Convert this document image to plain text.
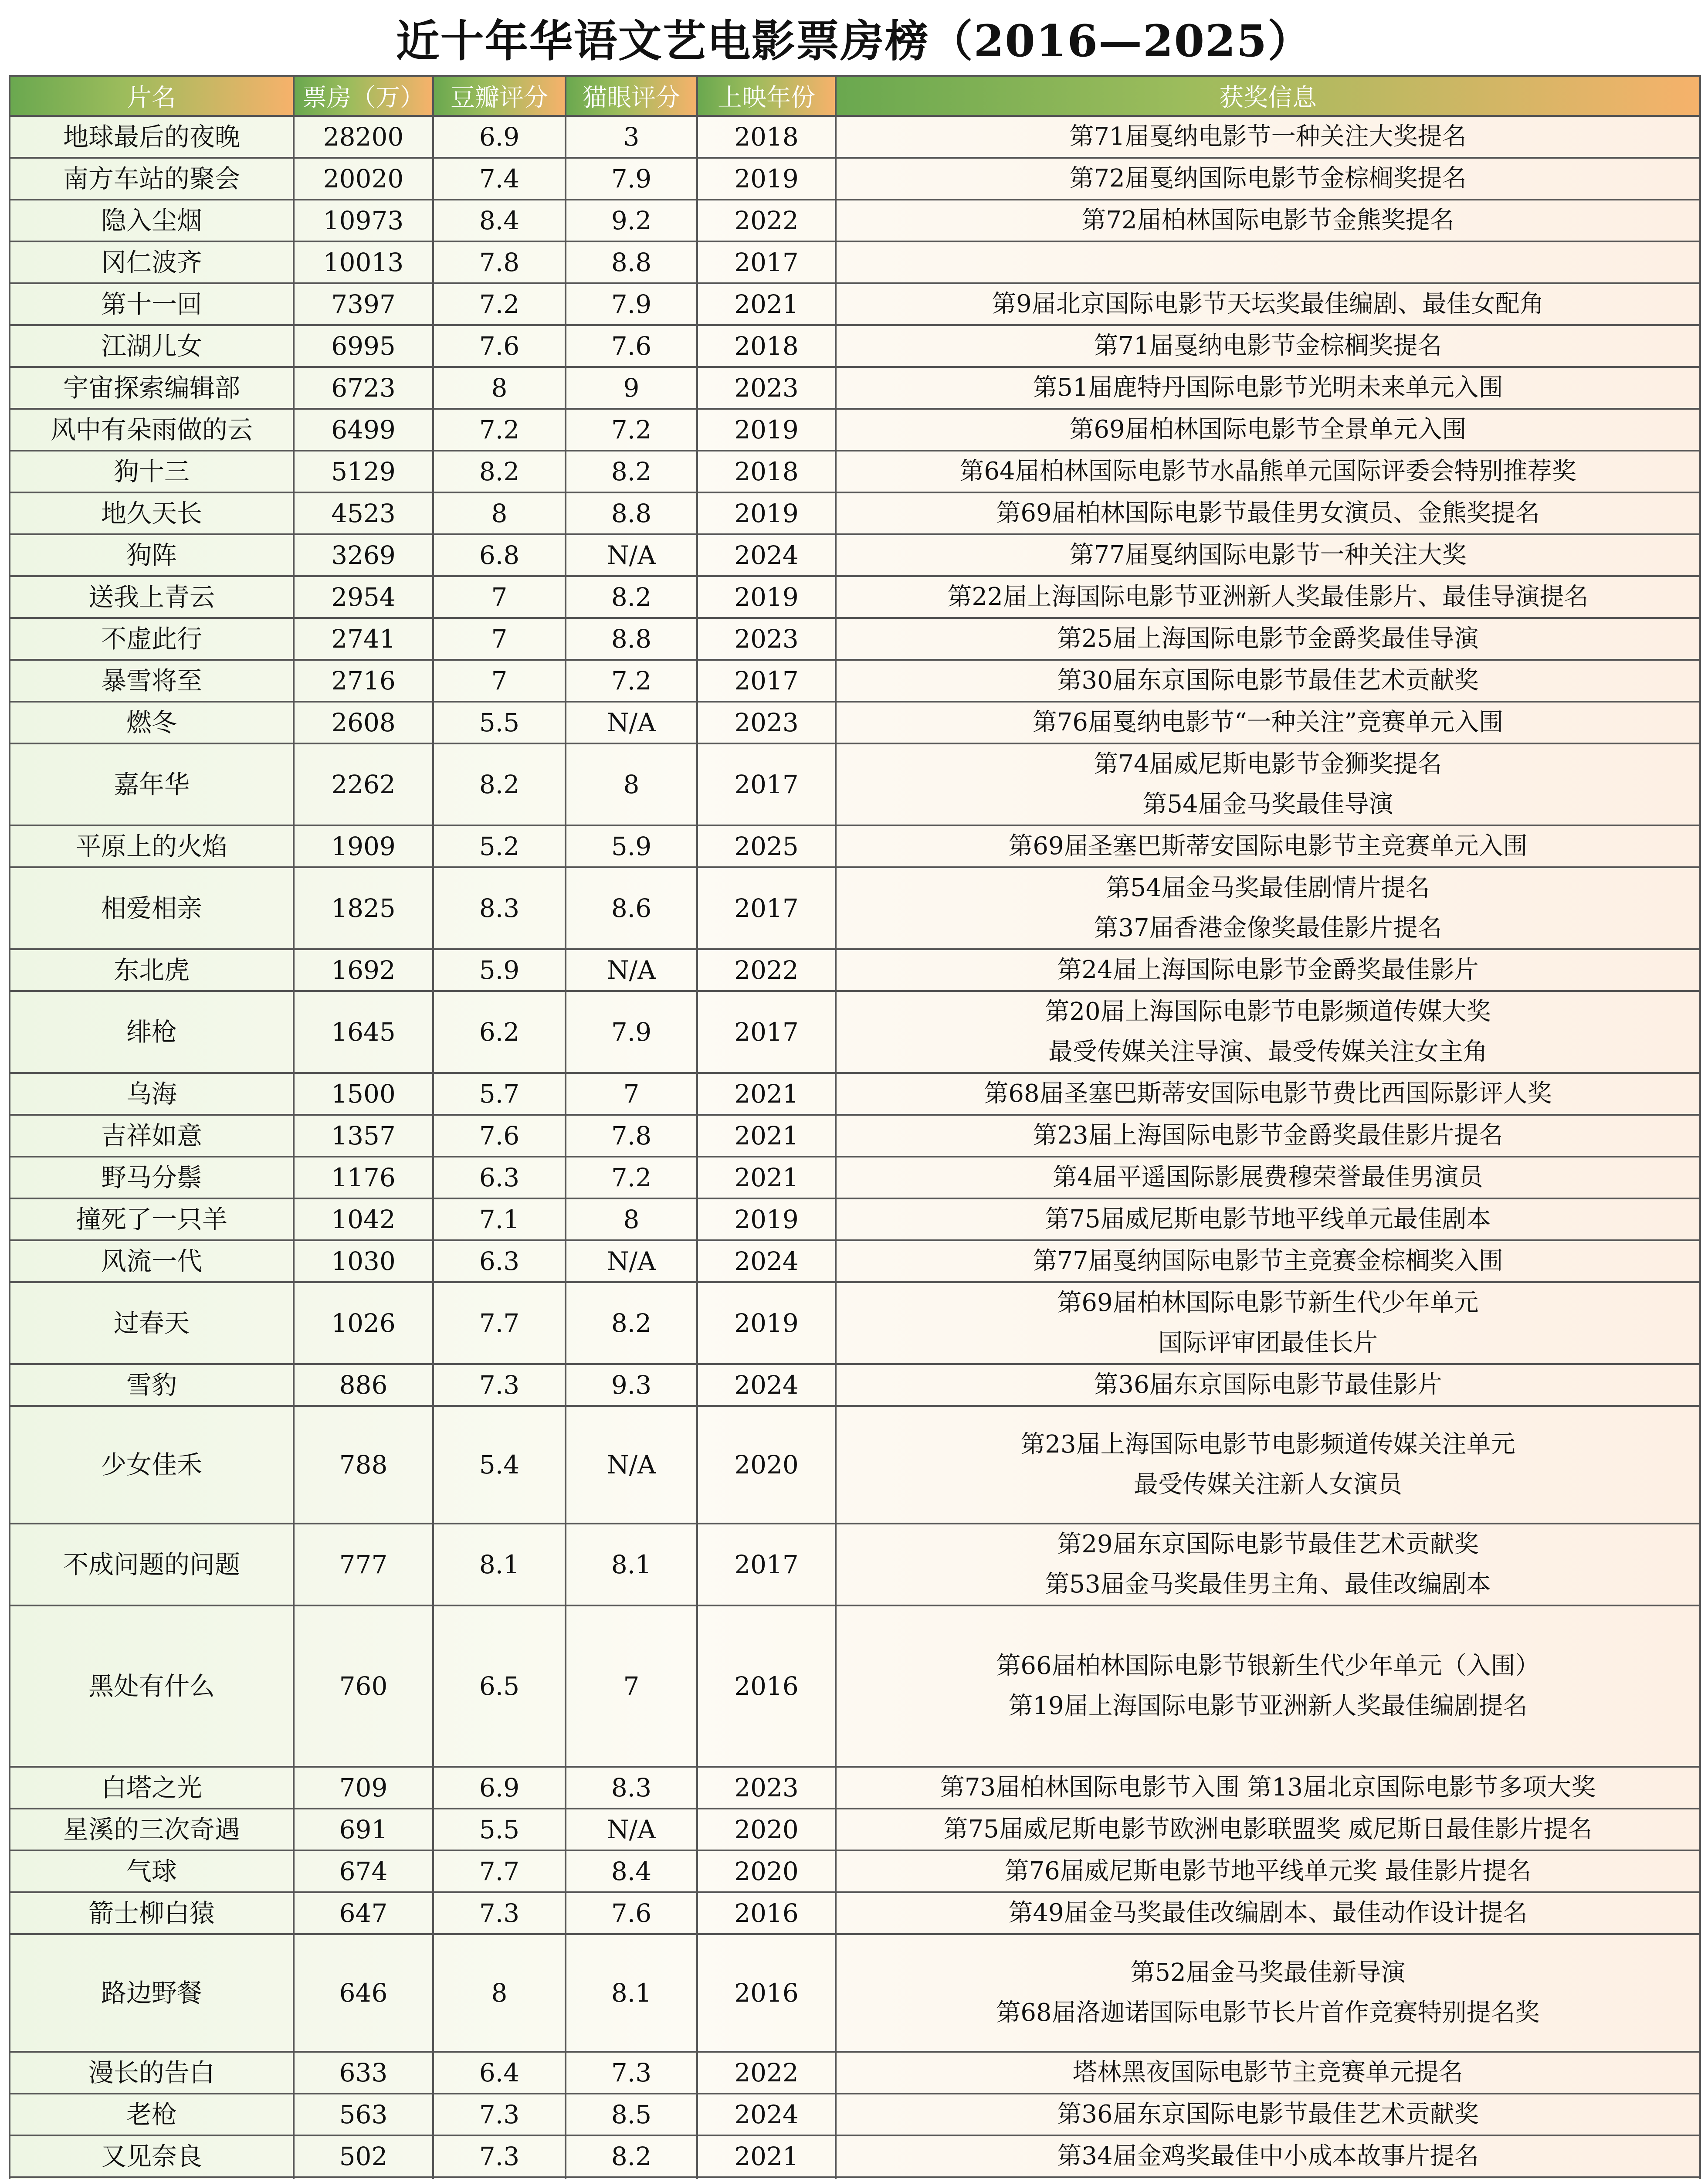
近十年华语文艺电影票房榜（2016—2025）
片名	票房（万）	豆瓣评分	猫眼评分	上映年份	获奖信息
地球最后的夜晚	28200	6.9	3	2018	第71届戛纳电影节一种关注大奖提名

南方车站的聚会	20020	7.4	7.9	2019	第72届戛纳国际电影节金棕榈奖提名

隐入尘烟	10973	8.4	9.2	2022	第72届柏林国际电影节金熊奖提名

冈仁波齐	10013	7.8	8.8	2017	
第十一回	7397	7.2	7.9	2021	第9届北京国际电影节天坛奖最佳编剧、最佳女配角

江湖儿女	6995	7.6	7.6	2018	第71届戛纳电影节金棕榈奖提名

宇宙探索编辑部	6723	8	9	2023	第51届鹿特丹国际电影节光明未来单元入围

风中有朵雨做的云	6499	7.2	7.2	2019	第69届柏林国际电影节全景单元入围

狗十三	5129	8.2	8.2	2018	第64届柏林国际电影节水晶熊单元国际评委会特别推荐奖

地久天长	4523	8	8.8	2019	第69届柏林国际电影节最佳男女演员、金熊奖提名

狗阵	3269	6.8	N/A	2024	第77届戛纳国际电影节一种关注大奖

送我上青云	2954	7	8.2	2019	第22届上海国际电影节亚洲新人奖最佳影片、最佳导演提名

不虚此行	2741	7	8.8	2023	第25届上海国际电影节金爵奖最佳导演

暴雪将至	2716	7	7.2	2017	第30届东京国际电影节最佳艺术贡献奖

燃冬	2608	5.5	N/A	2023	第76届戛纳电影节“一种关注”竞赛单元入围

嘉年华	2262	8.2	8	2017	第74届威尼斯电影节金狮奖提名
第54届金马奖最佳导演

平原上的火焰	1909	5.2	5.9	2025	第69届圣塞巴斯蒂安国际电影节主竞赛单元入围

相爱相亲	1825	8.3	8.6	2017	第54届金马奖最佳剧情片提名
第37届香港金像奖最佳影片提名

东北虎	1692	5.9	N/A	2022	第24届上海国际电影节金爵奖最佳影片

绯枪	1645	6.2	7.9	2017	第20届上海国际电影节电影频道传媒大奖
最受传媒关注导演、最受传媒关注女主角

乌海	1500	5.7	7	2021	第68届圣塞巴斯蒂安国际电影节费比西国际影评人奖

吉祥如意	1357	7.6	7.8	2021	第23届上海国际电影节金爵奖最佳影片提名

野马分鬃	1176	6.3	7.2	2021	第4届平遥国际影展费穆荣誉最佳男演员

撞死了一只羊	1042	7.1	8	2019	第75届威尼斯电影节地平线单元最佳剧本

风流一代	1030	6.3	N/A	2024	第77届戛纳国际电影节主竞赛金棕榈奖入围

过春天	1026	7.7	8.2	2019	第69届柏林国际电影节新生代少年单元
国际评审团最佳长片

雪豹	886	7.3	9.3	2024	第36届东京国际电影节最佳影片

少女佳禾	788	5.4	N/A	2020	第23届上海国际电影节电影频道传媒关注单元
最受传媒关注新人女演员

不成问题的问题	777	8.1	8.1	2017	第29届东京国际电影节最佳艺术贡献奖
第53届金马奖最佳男主角、最佳改编剧本

黑处有什么	760	6.5	7	2016	第66届柏林国际电影节银新生代少年单元（入围）
第19届上海国际电影节亚洲新人奖最佳编剧提名

白塔之光	709	6.9	8.3	2023	第73届柏林国际电影节入围 第13届北京国际电影节多项大奖

星溪的三次奇遇	691	5.5	N/A	2020	第75届威尼斯电影节欧洲电影联盟奖 威尼斯日最佳影片提名

气球	674	7.7	8.4	2020	第76届威尼斯电影节地平线单元奖 最佳影片提名

箭士柳白猿	647	7.3	7.6	2016	第49届金马奖最佳改编剧本、最佳动作设计提名

路边野餐	646	8	8.1	2016	第52届金马奖最佳新导演
第68届洛迦诺国际电影节长片首作竞赛特别提名奖

漫长的告白	633	6.4	7.3	2022	塔林黑夜国际电影节主竞赛单元提名

老枪	563	7.3	8.5	2024	第36届东京国际电影节最佳艺术贡献奖

又见奈良	502	7.3	8.2	2021	第34届金鸡奖最佳中小成本故事片提名
